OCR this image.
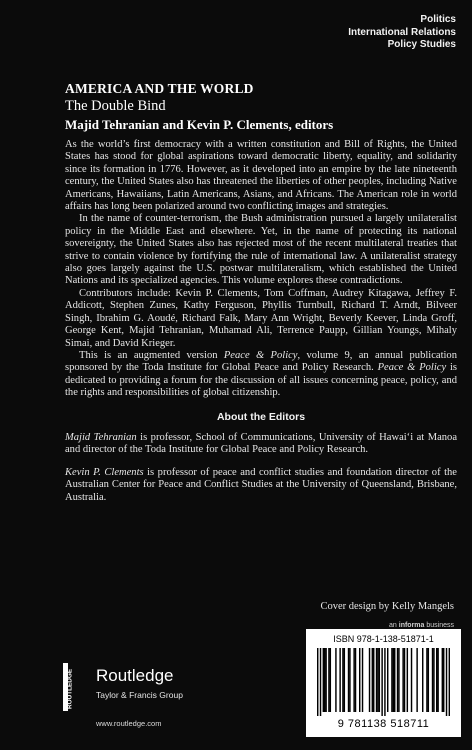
Politics
International Relations
Policy Studies
AMERICA AND THE WORLD
The Double Bind
Majid Tehranian and Kevin P. Clements, editors

As the world’s first democracy with a written constitution and Bill of Rights, the United States has stood for global aspirations toward democratic liberty, equality, and solidarity since its formation in 1776. However, as it developed into an empire by the late nineteenth century, the United States also has threatened the liberties of other peoples, including Native Americans, Hawaiians, Latin Americans, Asians, and Africans. The American role in world affairs has long been polarized around two conflicting images and strategies.

In the name of counter-terrorism, the Bush administration pursued a largely unilateralist policy in the Middle East and elsewhere. Yet, in the name of protecting its national sovereignty, the United States also has rejected most of the recent multilateral treaties that strive to contain violence by fortifying the rule of international law. A unilateralist strategy also goes largely against the U.S. postwar multilateralism, which established the United Nations and its specialized agencies. This volume explores these contradictions.

Contributors include: Kevin P. Clements, Tom Coffman, Audrey Kitagawa, Jeffrey F. Addicott, Stephen Zunes, Kathy Ferguson, Phyllis Turnbull, Richard T. Arndt, Bilveer Singh, Ibrahim G. Aoudé, Richard Falk, Mary Ann Wright, Beverly Keever, Linda Groff, George Kent, Majid Tehranian, Muhamad Ali, Terrence Paupp, Gillian Youngs, Mihaly Simai, and David Krieger.

This is an augmented version Peace & Policy, volume 9, an annual publication sponsored by the Toda Institute for Global Peace and Policy Research. Peace & Policy is dedicated to providing a forum for the discussion of all issues concerning peace, policy, and the rights and responsibilities of global citizenship.

About the Editors

Majid Tehranian is professor, School of Communications, University of Hawai‘i at Manoa and director of the Toda Institute for Global Peace and Policy Research.

Kevin P. Clements is professor of peace and conflict studies and foundation director of the Australian Center for Peace and Conflict Studies at the University of Queensland, Brisbane, Australia.

Cover design by Kelly Mangels
an informa business
ISBN 978-1-138-51871-1
9 781138 518711
ROUTLEDGE Routledge
Taylor & Francis Group
www.routledge.com
